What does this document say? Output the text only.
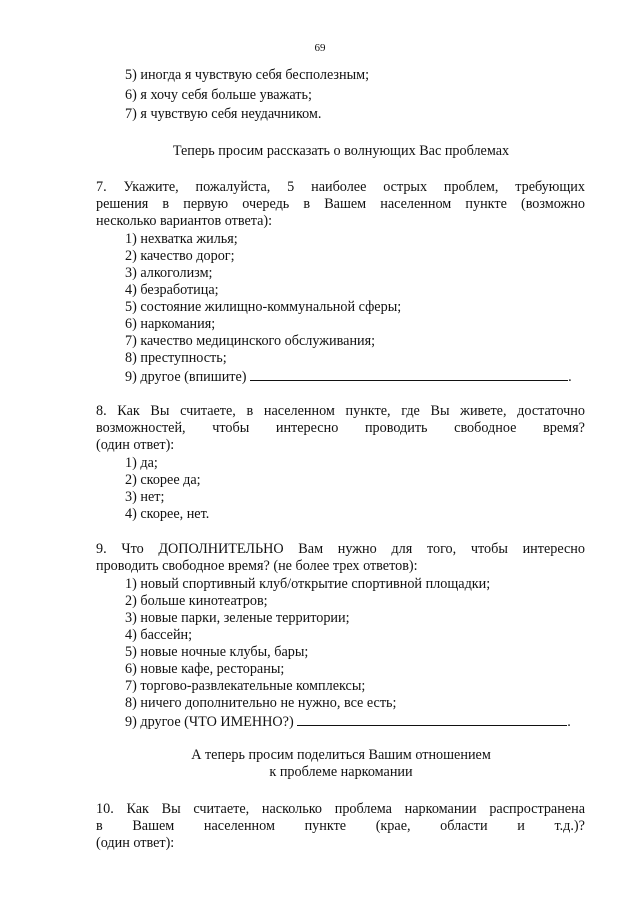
69
5) иногда я чувствую себя бесполезным;
6) я хочу себя больше уважать;
7) я чувствую себя неудачником.
Теперь просим рассказать о волнующих Вас проблемах
7. Укажите, пожалуйста, 5 наиболее острых проблем, требующих
решения в первую очередь в Вашем населенном пункте (возможно
несколько вариантов ответа):
1) нехватка жилья;
2) качество дорог;
3) алкоголизм;
4) безработица;
5) состояние жилищно-коммунальной сферы;
6) наркомания;
7) качество медицинского обслуживания;
8) преступность;
9) другое (впишите)	.
8. Как Вы считаете, в населенном пункте, где Вы живете, достаточно
возможностей, чтобы интересно проводить свободное время?
(один ответ):
1) да;
2) скорее да;
3) нет;
4) скорее, нет.
9. Что ДОПОЛНИТЕЛЬНО Вам нужно для того, чтобы интересно
проводить свободное время? (не более трех ответов):
1) новый спортивный клуб/открытие спортивной площадки;
2) больше кинотеатров;
3) новые парки, зеленые территории;
4) бассейн;
5) новые ночные клубы, бары;
6) новые кафе, рестораны;
7) торгово-развлекательные комплексы;
8) ничего дополнительно не нужно, все есть;
9) другое (ЧТО ИМЕННО?)	.
А теперь просим поделиться Вашим отношением
к проблеме наркомании
10. Как Вы считаете, насколько проблема наркомании распространена
в Вашем населенном пункте (крае, области и т.д.)?
(один ответ):
